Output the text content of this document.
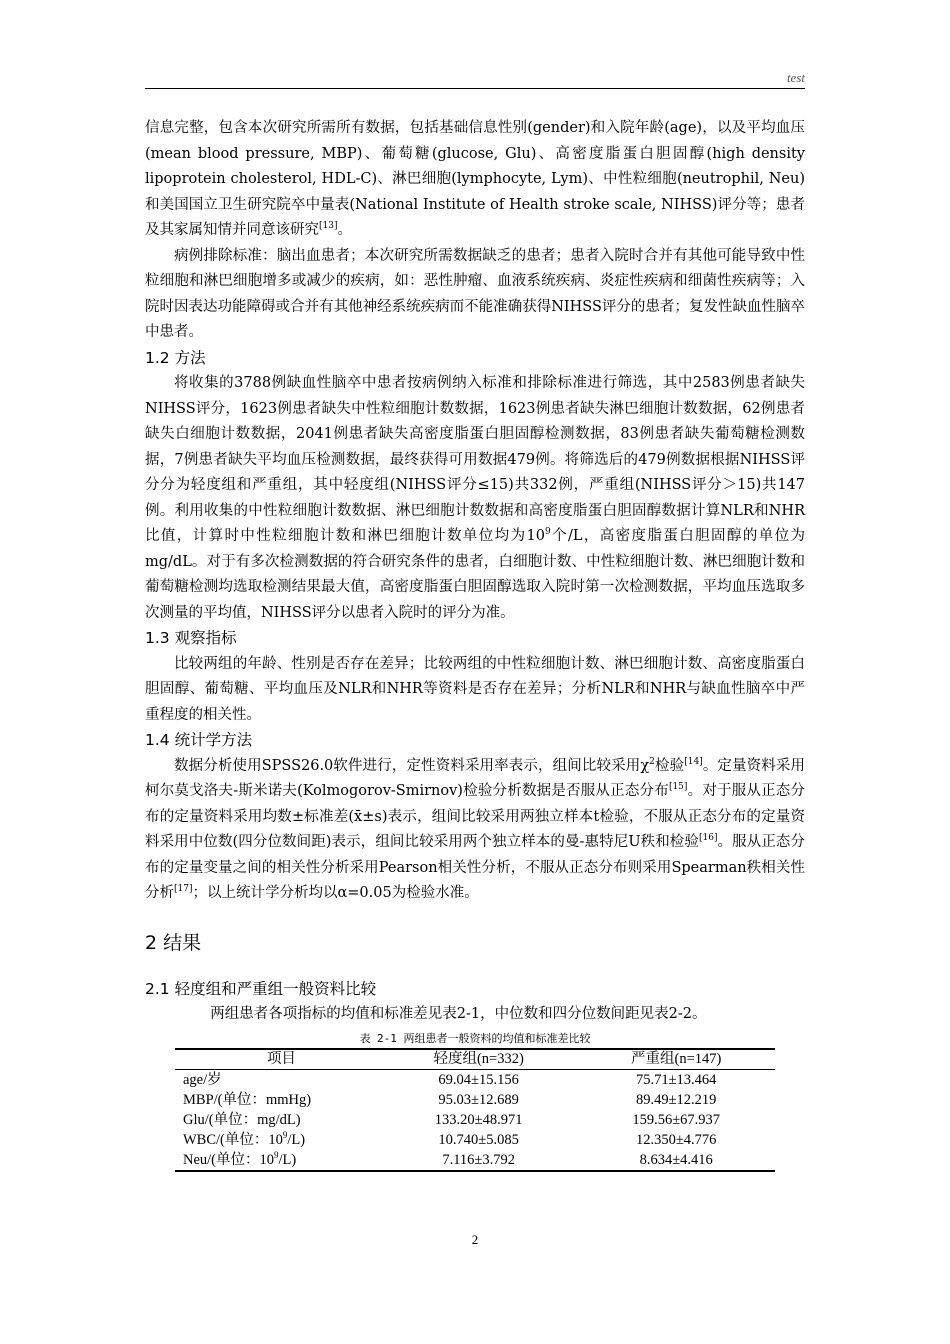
test

信息完整，包含本次研究所需所有数据，包括基础信息性别(gender)和入院年龄(age)，以及平均血压(mean blood pressure, MBP)、葡萄糖(glucose, Glu)、高密度脂蛋白胆固醇(high density lipoprotein cholesterol, HDL-C)、淋巴细胞(lymphocyte, Lym)、中性粒细胞(neutrophil, Neu)和美国国立卫生研究院卒中量表(National Institute of Health stroke scale, NIHSS)评分等；患者及其家属知情并同意该研究[13]。

病例排除标准：脑出血患者；本次研究所需数据缺乏的患者；患者入院时合并有其他可能导致中性粒细胞和淋巴细胞增多或减少的疾病，如：恶性肿瘤、血液系统疾病、炎症性疾病和细菌性疾病等；入院时因表达功能障碍或合并有其他神经系统疾病而不能准确获得NIHSS评分的患者；复发性缺血性脑卒中患者。

1.2 方法

将收集的3788例缺血性脑卒中患者按病例纳入标准和排除标准进行筛选，其中2583例患者缺失NIHSS评分，1623例患者缺失中性粒细胞计数数据，1623例患者缺失淋巴细胞计数数据，62例患者缺失白细胞计数数据，2041例患者缺失高密度脂蛋白胆固醇检测数据，83例患者缺失葡萄糖检测数据，7例患者缺失平均血压检测数据，最终获得可用数据479例。将筛选后的479例数据根据NIHSS评分分为轻度组和严重组，其中轻度组(NIHSS评分≤15)共332例，严重组(NIHSS评分＞15)共147例。利用收集的中性粒细胞计数数据、淋巴细胞计数数据和高密度脂蛋白胆固醇数据计算NLR和NHR比值，计算时中性粒细胞计数和淋巴细胞计数单位均为$10^9$个/L，高密度脂蛋白胆固醇的单位为mg/dL。对于有多次检测数据的符合研究条件的患者，白细胞计数、中性粒细胞计数、淋巴细胞计数和葡萄糖检测均选取检测结果最大值，高密度脂蛋白胆固醇选取入院时第一次检测数据，平均血压选取多次测量的平均值，NIHSS评分以患者入院时的评分为准。

1.3 观察指标

比较两组的年龄、性别是否存在差异；比较两组的中性粒细胞计数、淋巴细胞计数、高密度脂蛋白胆固醇、葡萄糖、平均血压及NLR和NHR等资料是否存在差异；分析NLR和NHR与缺血性脑卒中严重程度的相关性。

1.4 统计学方法

数据分析使用SPSS26.0软件进行，定性资料采用率表示，组间比较采用$\chi^2$检验[14]。定量资料采用柯尔莫戈洛夫-斯米诺夫(Kolmogorov-Smirnov)检验分析数据是否服从正态分布[15]。对于服从正态分布的定量资料采用均数±标准差(x̄±s)表示，组间比较采用两独立样本t检验，不服从正态分布的定量资料采用中位数(四分位数间距)表示，组间比较采用两个独立样本的曼-惠特尼U秩和检验[16]。服从正态分布的定量变量之间的相关性分析采用Pearson相关性分析，不服从正态分布则采用Spearman秩相关性分析[17]；以上统计学分析均以α=0.05为检验水准。

2 结果
2.1 轻度组和严重组一般资料比较

两组患者各项指标的均值和标准差见表2-1，中位数和四分位数间距见表2-2。

表 2-1 两组患者一般资料的均值和标准差比较
项目	轻度组(n=332)	严重组(n=147)
age/岁	69.04±15.156	75.71±13.464
MBP/(单位：mmHg)	95.03±12.689	89.49±12.219
Glu/(单位：mg/dL)	133.20±48.971	159.56±67.937
WBC/(单位：$10^9/L$)	10.740±5.085	12.350±4.776
Neu/(单位：$10^9/L$)	7.116±3.792	8.634±4.416
2
